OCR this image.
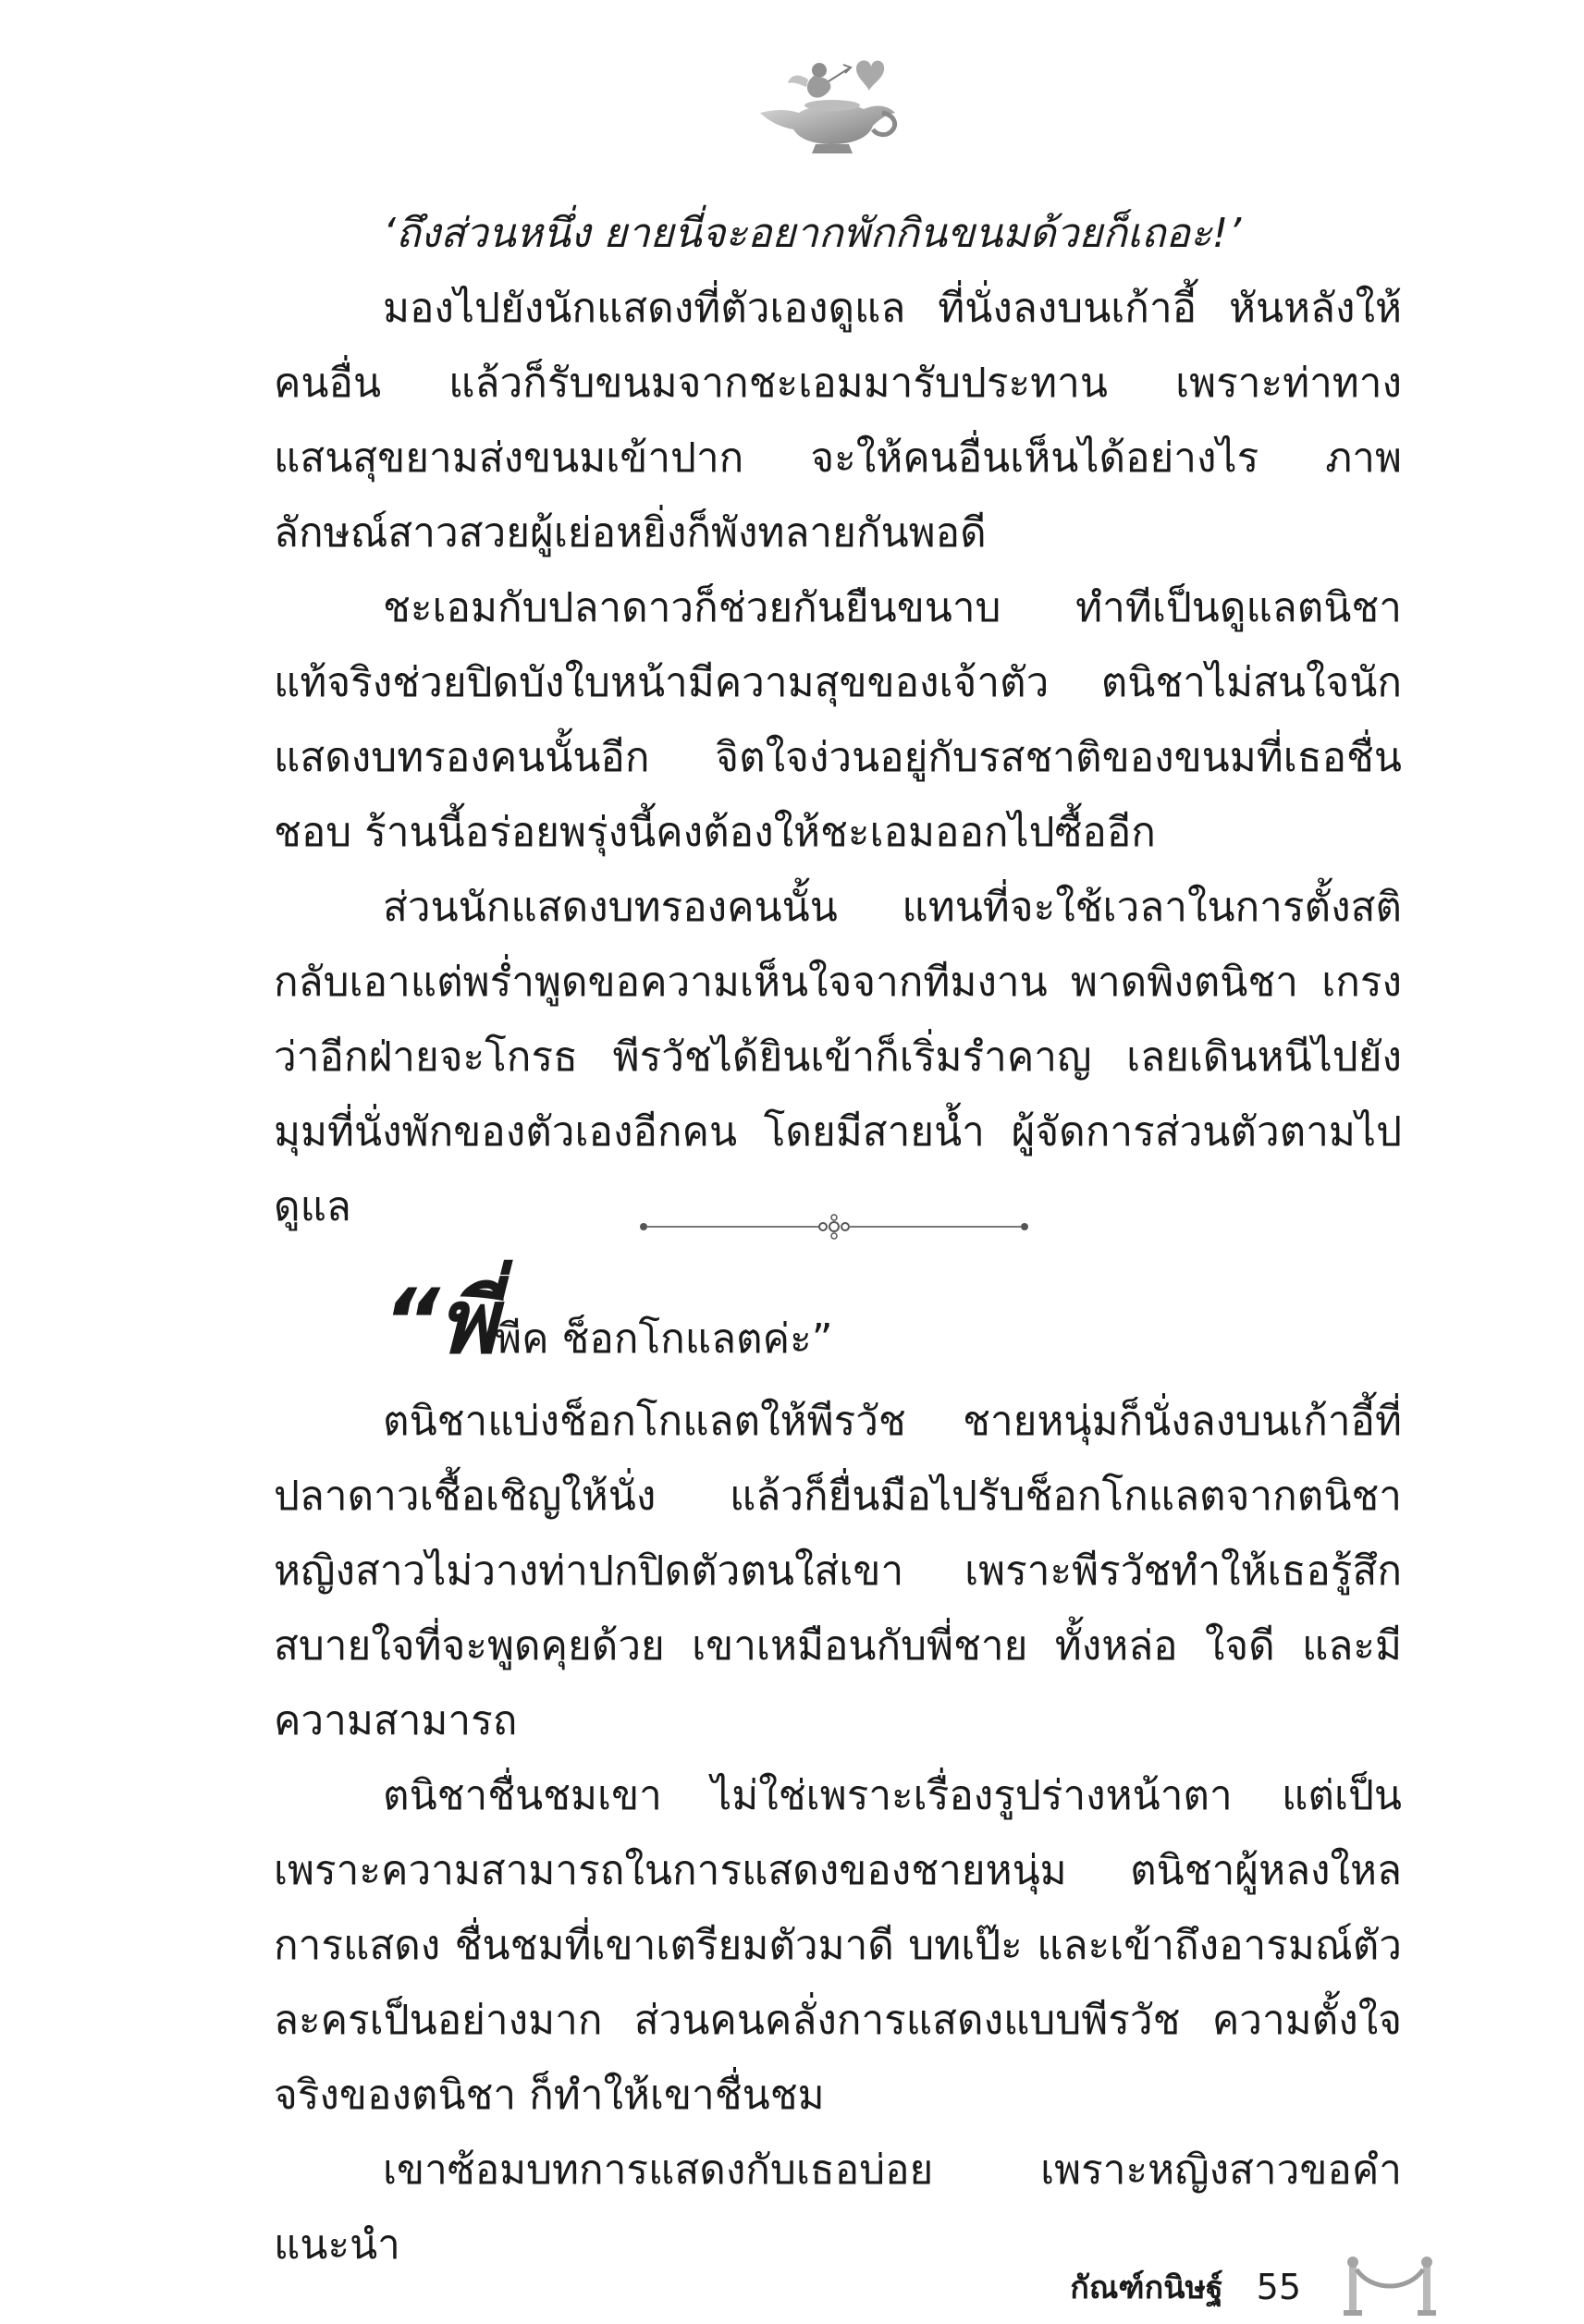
‘ถึงส่วนหนึ่ง ยายนี่จะอยากพักกินขนมด้วยก็เถอะ!’

มองไปยังนักแสดงที่ตัวเองดูแล ที่นั่งลงบนเก้าอี้ หันหลังให้คนอื่น แล้วก็รับขนมจากชะเอมมารับประทาน เพราะท่าทางแสนสุขยามส่งขนมเข้าปาก จะให้คนอื่นเห็นได้อย่างไร ภาพลักษณ์สาวสวยผู้เย่อหยิ่งก็พังทลายกันพอดี

ชะเอมกับปลาดาวก็ช่วยกันยืนขนาบ ทำทีเป็นดูแลตนิชา แท้จริงช่วยปิดบังใบหน้ามีความสุขของเจ้าตัว ตนิชาไม่สนใจนักแสดงบทรองคนนั้นอีก จิตใจง่วนอยู่กับรสชาติของขนมที่เธอชื่นชอบ ร้านนี้อร่อยพรุ่งนี้คงต้องให้ชะเอมออกไปซื้ออีก

ส่วนนักแสดงบทรองคนนั้น แทนที่จะใช้เวลาในการตั้งสติ กลับเอาแต่พร่ำพูดขอความเห็นใจจากทีมงาน พาดพิงตนิชา เกรงว่าอีกฝ่ายจะโกรธ พีรวัชได้ยินเข้าก็เริ่มรำคาญ เลยเดินหนีไปยังมุมที่นั่งพักของตัวเองอีกคน โดยมีสายน้ำ ผู้จัดการส่วนตัวตามไปดูแล

“พี่พีค ช็อกโกแลตค่ะ”

ตนิชาแบ่งช็อกโกแลตให้พีรวัช ชายหนุ่มก็นั่งลงบนเก้าอี้ที่ปลาดาวเชื้อเชิญให้นั่ง แล้วก็ยื่นมือไปรับช็อกโกแลตจากตนิชา หญิงสาวไม่วางท่าปกปิดตัวตนใส่เขา เพราะพีรวัชทำให้เธอรู้สึกสบายใจที่จะพูดคุยด้วย เขาเหมือนกับพี่ชาย ทั้งหล่อ ใจดี และมีความสามารถ

ตนิชาชื่นชมเขา ไม่ใช่เพราะเรื่องรูปร่างหน้าตา แต่เป็นเพราะความสามารถในการแสดงของชายหนุ่ม ตนิชาผู้หลงใหลการแสดง ชื่นชมที่เขาเตรียมตัวมาดี บทเป๊ะ และเข้าถึงอารมณ์ตัวละครเป็นอย่างมาก ส่วนคนคลั่งการแสดงแบบพีรวัช ความตั้งใจจริงของตนิชา ก็ทำให้เขาชื่นชม

เขาซ้อมบทการแสดงกับเธอบ่อย เพราะหญิงสาวขอคำแนะนำ

กัณฑ์กนิษฐ์ 55
